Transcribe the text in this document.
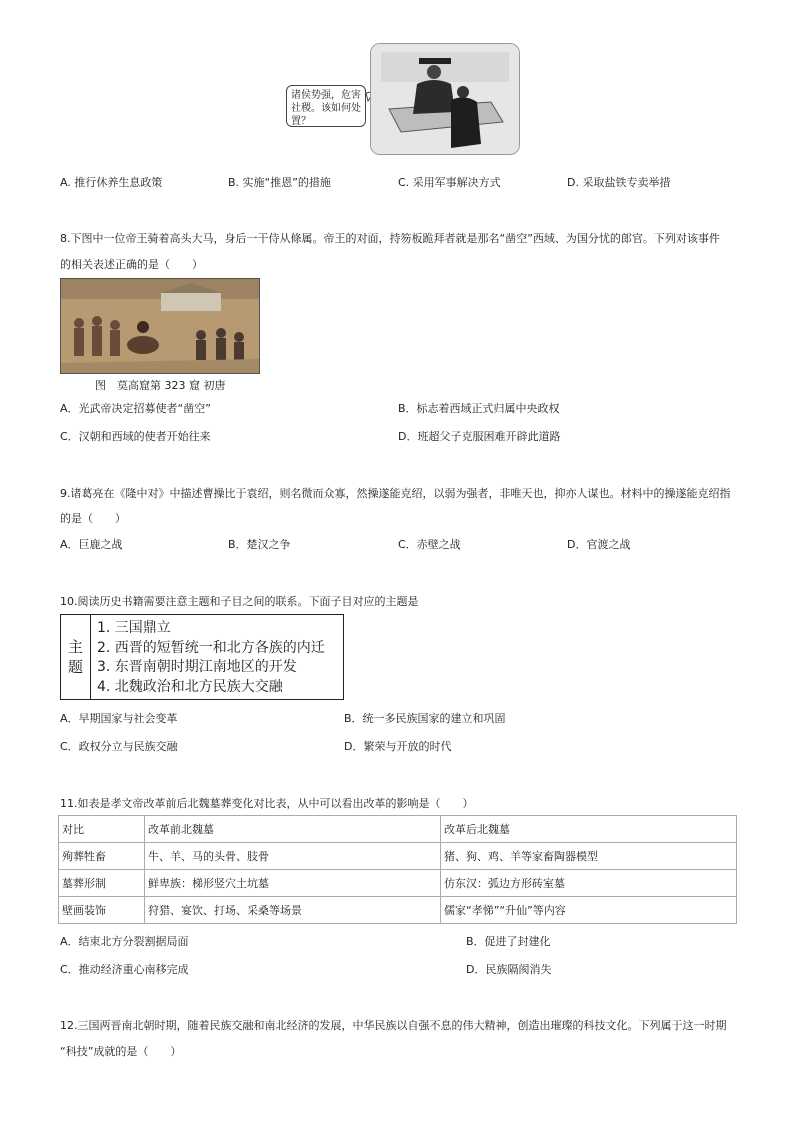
诸侯势强，危害社稷。该如何处置？
A. 推行休养生息政策	B. 实施“推恩”的措施	C. 采用军事解决方式	D. 采取盐铁专卖举措
8.下图中一位帝王骑着高头大马，身后一干侍从條属。帝王的对面，持笏板跪拜者就是那名“凿空”西域、为国分忧的郎官。下列对该事件
的相关表述正确的是（　　）
图　莫高窟第 323 窟 初唐
A．光武帝决定招募使者“凿空”	B．标志着西域正式归属中央政权
C．汉朝和西域的使者开始往来	D．班超父子克服困难开辟此道路
9.诸葛亮在《隆中对》中描述曹操比于袁绍，则名微而众寡，然操遂能克绍，以弱为强者，非唯天也，抑亦人谋也。材料中的操遂能克绍指
的是（　　）
A．巨鹿之战	B．楚汉之争	C．赤壁之战	D．官渡之战
10.阅读历史书籍需要注意主题和子目之间的联系。下面子目对应的主题是
主题
1. 三国鼎立
2. 西晋的短暂统一和北方各族的内迁
3. 东晋南朝时期江南地区的开发
4. 北魏政治和北方民族大交融
A．早期国家与社会变革	B．统一多民族国家的建立和巩固
C．政权分立与民族交融	D．繁荣与开放的时代
11.如表是孝文帝改革前后北魏墓葬变化对比表，从中可以看出改革的影响是（　　）
对比	改革前北魏墓	改革后北魏墓
殉葬牲畜	牛、羊、马的头骨、肢骨	猪、狗、鸡、羊等家畜陶器模型
墓葬形制	鲜卑族：梯形竖穴土坑墓	仿东汉：弧边方形砖室墓
壁画装饰	狩猎、宴饮、打场、采桑等场景	儒家“孝悌”“升仙”等内容
A．结束北方分裂割据局面	B．促进了封建化
C．推动经济重心南移完成	D．民族隔阂消失
12.三国两晋南北朝时期，随着民族交融和南北经济的发展，中华民族以自强不息的伟大精神，创造出璀璨的科技文化。下列属于这一时期
“科技”成就的是（　　）
